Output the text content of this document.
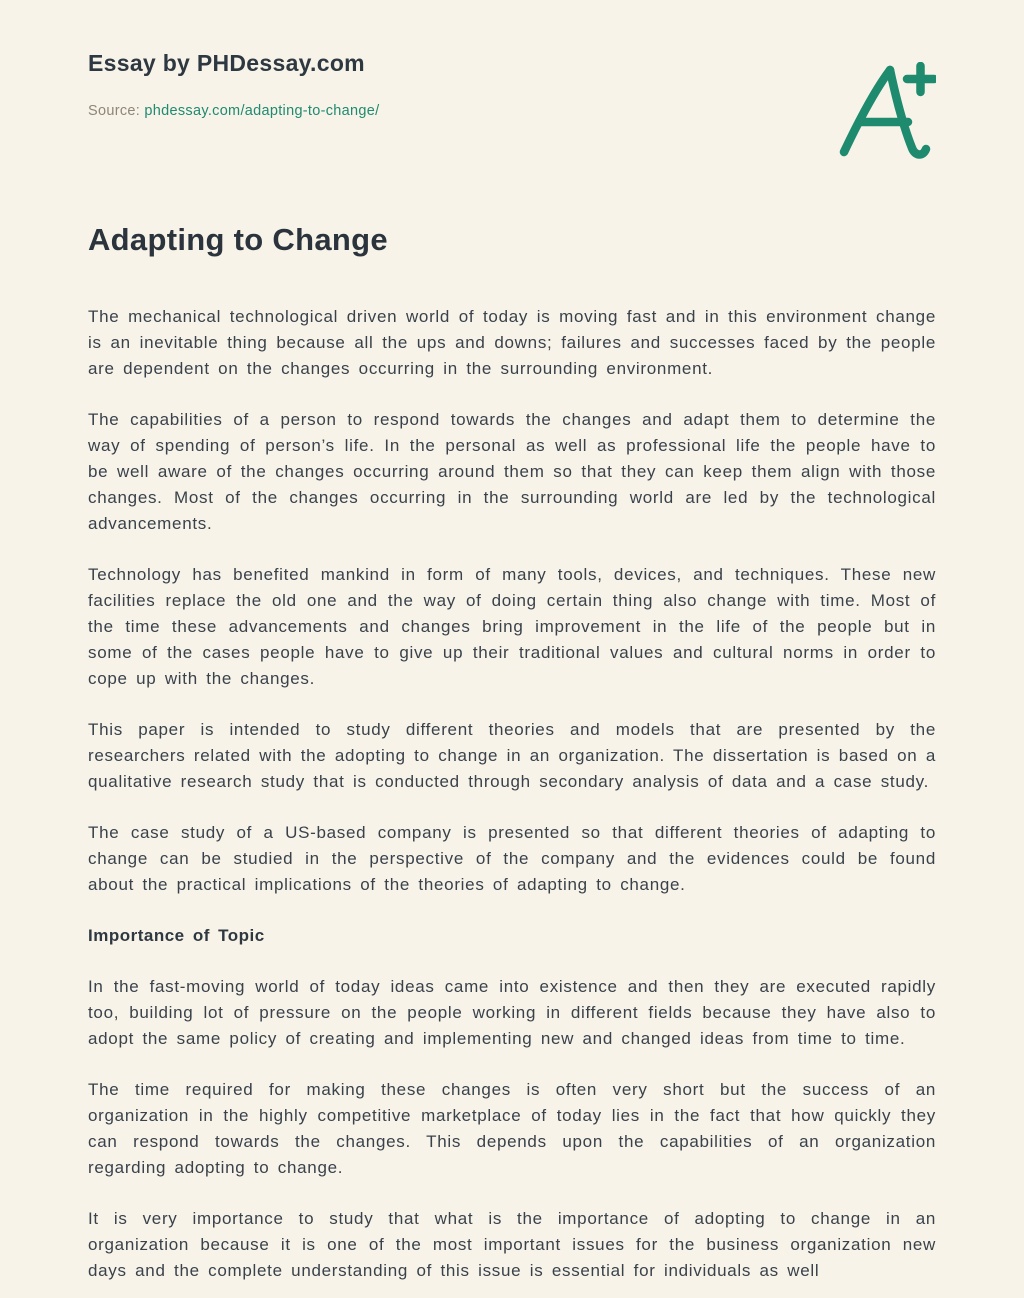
Essay by PHDessay.com
Source: phdessay.com/adapting-to-change/
Adapting to Change

The mechanical technological driven world of today is moving fast and in this environment change is an inevitable thing because all the ups and downs; failures and successes faced by the people are dependent on the changes occurring in the surrounding environment.

The capabilities of a person to respond towards the changes and adapt them to determine the way of spending of person’s life. In the personal as well as professional life the people have to be well aware of the changes occurring around them so that they can keep them align with those changes. Most of the changes occurring in the surrounding world are led by the technological advancements.

Technology has benefited mankind in form of many tools, devices, and techniques. These new facilities replace the old one and the way of doing certain thing also change with time. Most of the time these advancements and changes bring improvement in the life of the people but in some of the cases people have to give up their traditional values and cultural norms in order to cope up with the changes.

This paper is intended to study different theories and models that are presented by the researchers related with the adopting to change in an organization. The dissertation is based on a qualitative research study that is conducted through secondary analysis of data and a case study.

The case study of a US-based company is presented so that different theories of adapting to change can be studied in the perspective of the company and the evidences could be found about the practical implications of the theories of adapting to change.

Importance of Topic

In the fast-moving world of today ideas came into existence and then they are executed rapidly too, building lot of pressure on the people working in different fields because they have also to adopt the same policy of creating and implementing new and changed ideas from time to time.

The time required for making these changes is often very short but the success of an organization in the highly competitive marketplace of today lies in the fact that how quickly they can respond towards the changes. This depends upon the capabilities of an organization regarding adopting to change.

It is very importance to study that what is the importance of adopting to change in an organization because it is one of the most important issues for the business organization new days and the complete understanding of this issue is essential for individuals as well
